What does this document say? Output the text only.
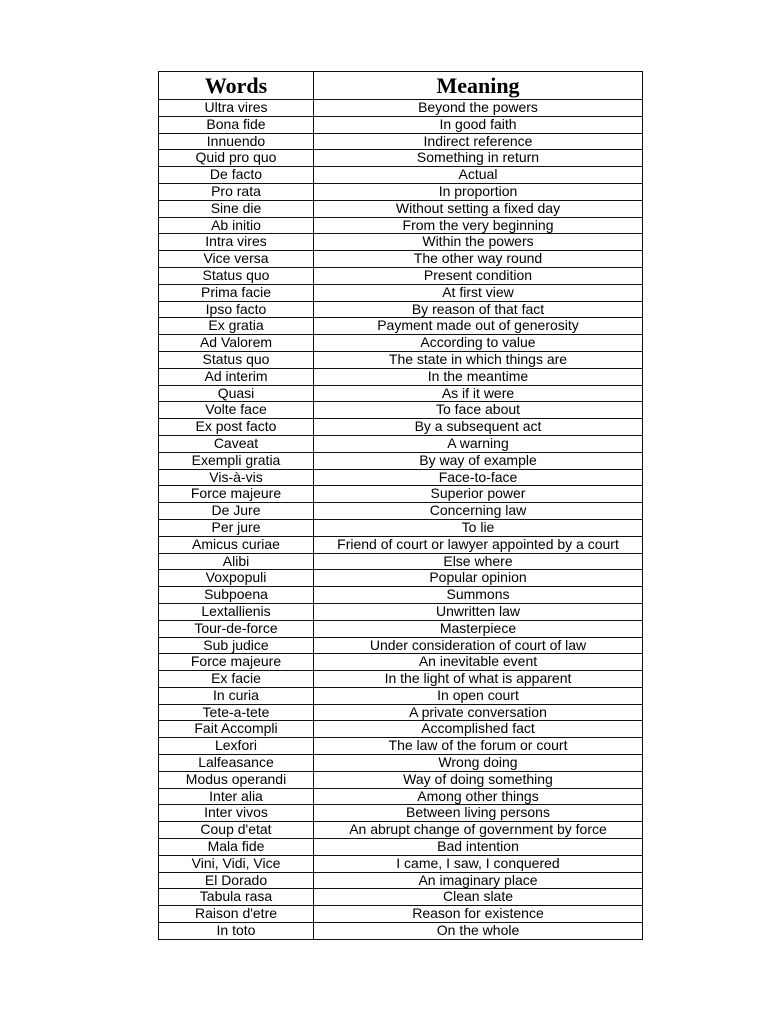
Words	Meaning
Ultra vires	Beyond the powers
Bona fide	In good faith
Innuendo	Indirect reference
Quid pro quo	Something in return
De facto	Actual
Pro rata	In proportion
Sine die	Without setting a fixed day
Ab initio	From the very beginning
Intra vires	Within the powers
Vice versa	The other way round
Status quo	Present condition
Prima facie	At first view
Ipso facto	By reason of that fact
Ex gratia	Payment made out of generosity
Ad Valorem	According to value
Status quo	The state in which things are
Ad interim	In the meantime
Quasi	As if it were
Volte face	To face about
Ex post facto	By a subsequent act
Caveat	A warning
Exempli gratia	By way of example
Vis-à-vis	Face-to-face
Force majeure	Superior power
De Jure	Concerning law
Per jure	To lie
Amicus curiae	Friend of court or lawyer appointed by a court
Alibi	Else where
Voxpopuli	Popular opinion
Subpoena	Summons
Lextallienis	Unwritten law
Tour-de-force	Masterpiece
Sub judice	Under consideration of court of law
Force majeure	An inevitable event
Ex facie	In the light of what is apparent
In curia	In open court
Tete-a-tete	A private conversation
Fait Accompli	Accomplished fact
Lexfori	The law of the forum or court
Lalfeasance	Wrong doing
Modus operandi	Way of doing something
Inter alia	Among other things
Inter vivos	Between living persons
Coup d'etat	An abrupt change of government by force
Mala fide	Bad intention
Vini, Vidi, Vice	I came, I saw, I conquered
El Dorado	An imaginary place
Tabula rasa	Clean slate
Raison d'etre	Reason for existence
In toto	On the whole
